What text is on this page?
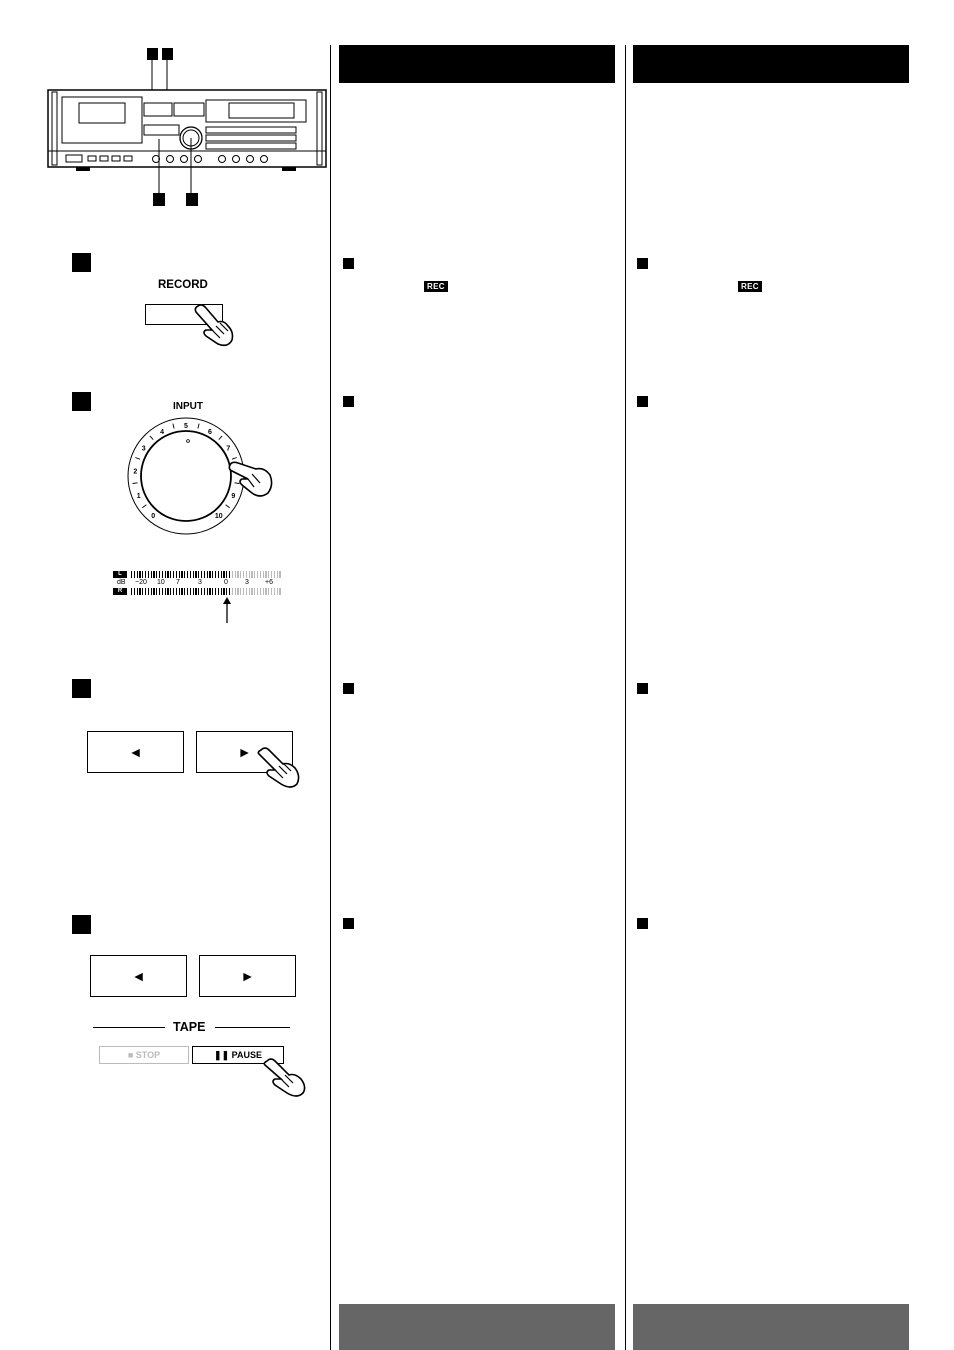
RECORD
INPUT
0
1
2
3
4
5
6
7
9
10
L
dB −20 10 7	3	0 3 +6
R
◄	►
◄	►
TAPE
■ STOP	❚❚ PAUSE
REC	REC
